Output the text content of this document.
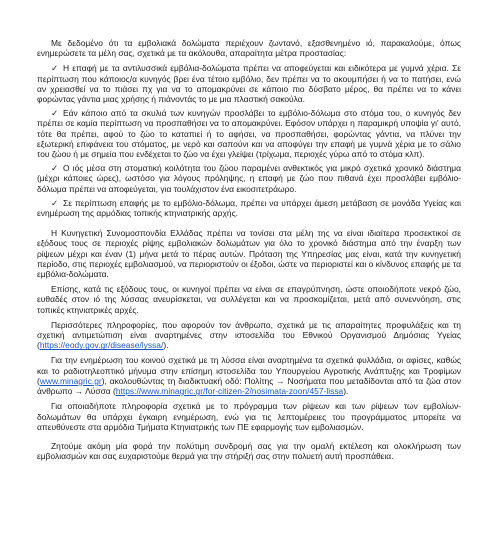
Με δεδομένο ότι τα εμβολιακά δολώματα περιέχουν ζωντανό, εξασθενημένο ιό, παρακαλούμε, όπως ενημερώσετε τα μέλη σας, σχετικά με τα ακόλουθα, απαραίτητα μέτρα προστασίας:

✓ Η επαφή με τα αντιλυσσικά εμβόλια-δολώματα πρέπει να αποφεύγεται και ειδικότερα με γυμνά χέρια. Σε περίπτωση που κάποιος/α κυνηγός βρει ένα τέτοιο εμβόλιο, δεν πρέπει να το ακουμπήσει ή να το πατήσει, ενώ αν χρειασθεί να το πιάσει πχ για να το απομακρύνει σε κάποιο πιο δύσβατο μέρος, θα πρέπει να το κάνει φορώντας γάντια μιας χρήσης ή πιάνοντάς το με μια πλαστική σακούλα.
✓ Εάν κάποιο από τα σκυλιά των κυνηγών προσλάβει το εμβόλιο-δόλωμα στο στόμα του, ο κυνηγός δεν πρέπει σε καμία περίπτωση να προσπαθήσει να το απομακρύνει. Εφόσον υπάρχει η παραμικρή υποψία γι' αυτό, τότε θα πρέπει, αφού το ζώο το καταπιεί ή το αφήσει, να προσπαθήσει, φορώντας γάντια, να πλύνει την εξωτερική επιφάνεια του στόματος, με νερό και σαπούνι και να αποφύγει την επαφή με γυμνά χέρια με το σάλιο του ζώου ή με σημεία που ενδέχεται το ζώο να έχει γλείψει (τρίχωμα, περιοχές γύρω από το στόμα κλπ).
✓ Ο ιός μέσα στη στοματική κοιλότητα του ζώου παραμένει ανθεκτικός για μικρό σχετικά χρονικό διάστημα (μέχρι κάποιες ώρες), ωστόσο για λόγους πρόληψης, η επαφή με ζώο που πιθανά έχει προσλάβει εμβόλιο-δόλωμα πρέπει να αποφεύγεται, για τουλάχιστον ένα εικοσιτετράωρο.
✓ Σε περίπτωση επαφής με το εμβόλιο-δόλωμα, πρέπει να υπάρχει άμεση μετάβαση σε μονάδα Υγείας και ενημέρωση της αρμόδιας τοπικής κτηνιατρικής αρχής.

Η Κυνηγετική Συνομοσπονδία Ελλάδας πρέπει να τονίσει στα μέλη της να είναι ιδιαίτερα προσεκτικοί σε εξόδους τους σε περιοχές ρίψης εμβολιακών δολωμάτων για όλο το χρονικό διάστημα από την έναρξη των ρίψεων μέχρι και έναν (1) μήνα μετά το πέρας αυτών. Πρόταση της Υπηρεσίας μας είναι, κατά την κυνηγετική περίοδο, στις περιοχές εμβολιασμού, να περιοριστούν οι έξοδοι, ώστε να περιοριστεί και ο κίνδυνος επαφής με τα εμβόλια-δολώματα.

Επίσης, κατά τις εξόδους τους, οι κυνηγοί πρέπει να είναι σε επαγρύπνηση, ώστε οποιοδήποτε νεκρό ζώο, ευθαδές στον ιό της λύσσας ανευρίσκεται, να συλλέγεται και να προσκομίζεται, μετά από συνεννόηση, στις τοπικές κτηνιατρικές αρχές.

Περισσότερες πληροφορίες, που αφορούν τον άνθρωπο, σχετικά με τις απαραίτητες προφυλάξεις και τη σχετική αντιμετώπιση είναι αναρτημένες στην ιστοσελίδα του Εθνικού Οργανισμού Δημόσιας Υγείας (https://eody.gov.gr/disease/lyssa/).

Για την ενημέρωση του κοινού σχετικά με τη λύσσα είναι αναρτημένα τα σχετικά φυλλάδια, οι αφίσες, καθώς και το ραδιοτηλεοπτικό μήνυμα στην επίσημη ιστοσελίδα του Υπουργείου Αγροτικής Ανάπτυξης και Τροφίμων (www.minagric.gr), ακολουθώντας τη διαδικτυακή οδό: Πολίτης → Νοσήματα που μεταδίδονται από τα ζώα στον άνθρωπο → Λύσσα (https://www.minagric.gr/for-citizen-2/nosimata-zoon/457-lissa).

Για οποιαδήποτε πληροφορία σχετικά με το πρόγραμμα των ρίψεων και των ρίψεων των εμβολίων-δολωμάτων θα υπάρχει έγκαιρη ενημέρωση, ενώ για τις λεπτομέρειες του προγράμματος μπορείτε να απευθύνεστε στα αρμόδια Τμήματα Κτηνιατρικής των ΠΕ εφαρμογής των εμβολιασμών.

Ζητούμε ακόμη μία φορά την πολύτιμη συνδρομή σας για την ομαλή εκτέλεση και ολοκλήρωση των εμβολιασμών και σας ευχαριστούμε θερμά για την στήριξή σας στην πολυετή αυτή προσπάθεια.
